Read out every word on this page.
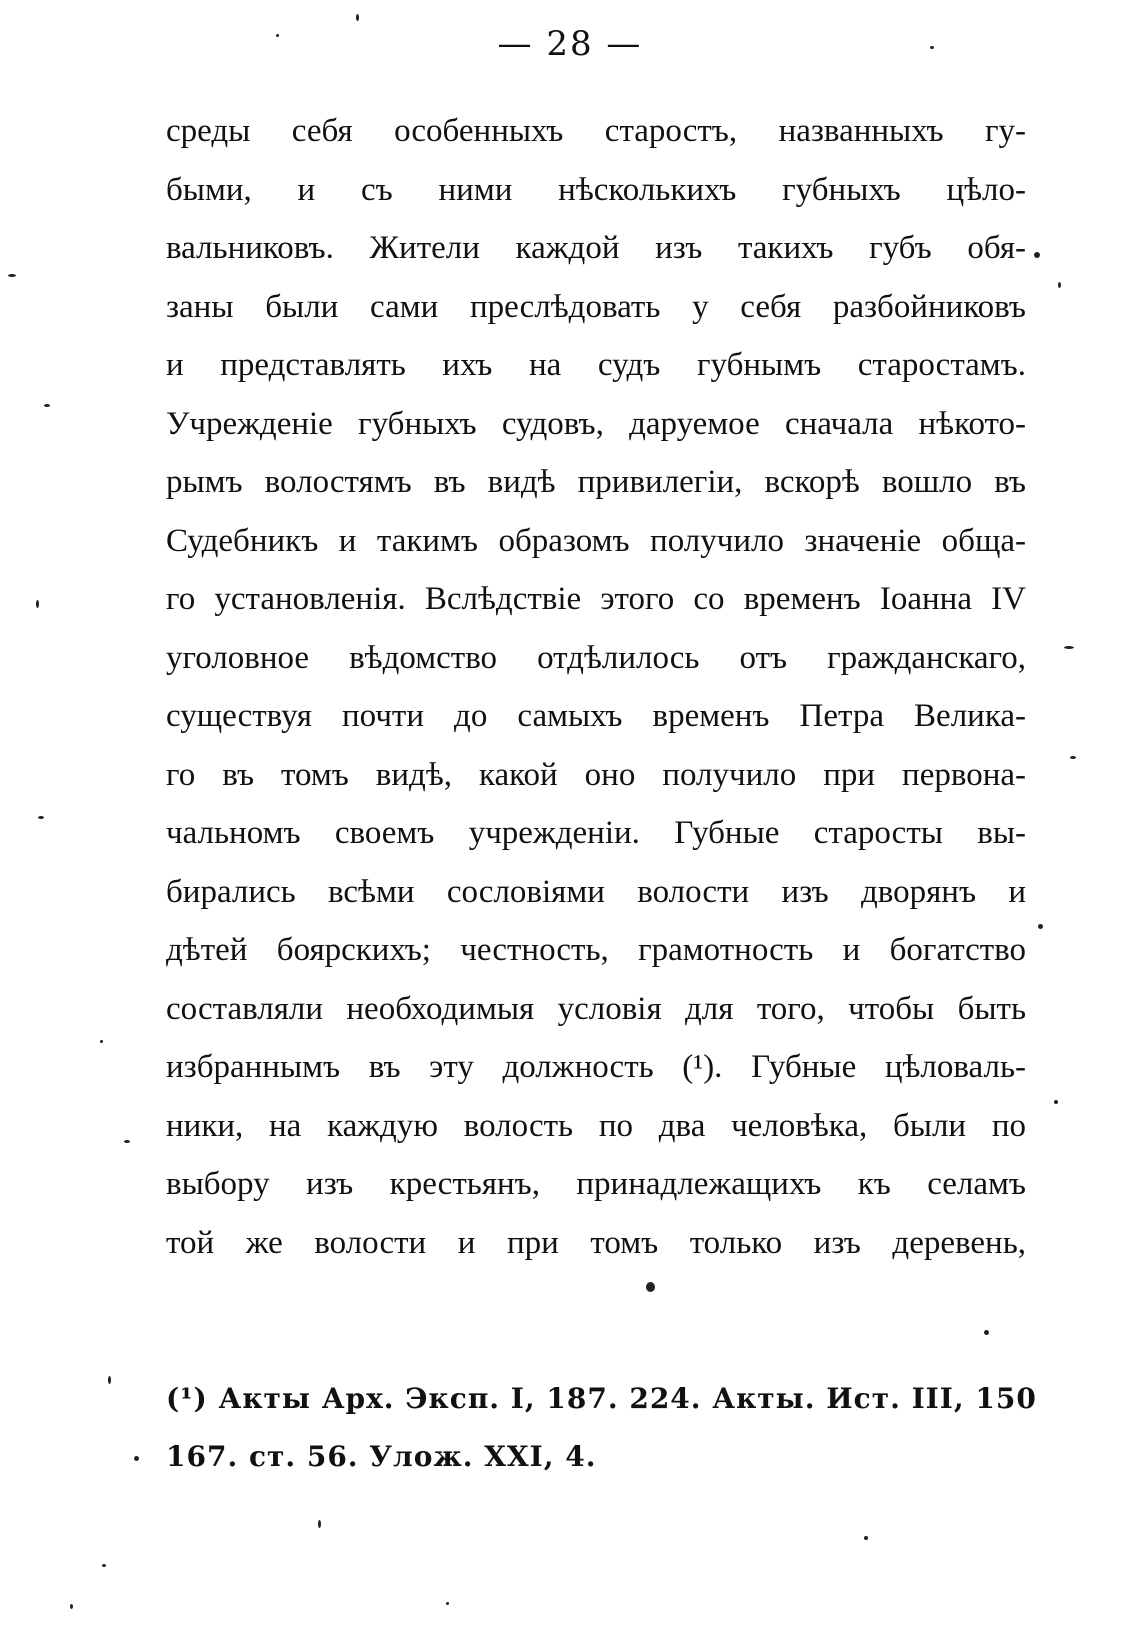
— 28 —
среды себя особенныхъ старостъ, названныхъ гу-
быми, и съ ними нѣсколькихъ губныхъ цѣло-
вальниковъ. Жители каждой изъ такихъ губъ обя-
заны были сами преслѣдовать у себя разбойниковъ
и представлять ихъ на судъ губнымъ старостамъ.
Учрежденіе губныхъ судовъ, даруемое сначала нѣкото-
рымъ волостямъ въ видѣ привилегіи, вскорѣ вошло въ
Судебникъ и такимъ образомъ получило значеніе обща-
го установленія. Вслѣдствіе этого со временъ Іоанна IV
уголовное вѣдомство отдѣлилось отъ гражданскаго,
существуя почти до самыхъ временъ Петра Велика-
го въ томъ видѣ, какой оно получило при первона-
чальномъ своемъ учрежденіи. Губные старосты вы-
бирались всѣми сословіями волости изъ дворянъ и
дѣтей боярскихъ; честность, грамотность и богатство
составляли необходимыя условія для того, чтобы быть
избраннымъ въ эту должность (¹). Губные цѣловаль-
ники, на каждую волость по два человѣка, были по
выбору изъ крестьянъ, принадлежащихъ къ селамъ
той же волости и при томъ только изъ деревень,
(¹) Акты Арх. Эксп. I, 187. 224. Акты. Ист. III, 150
167. ст. 56. Улож. XXI, 4.
